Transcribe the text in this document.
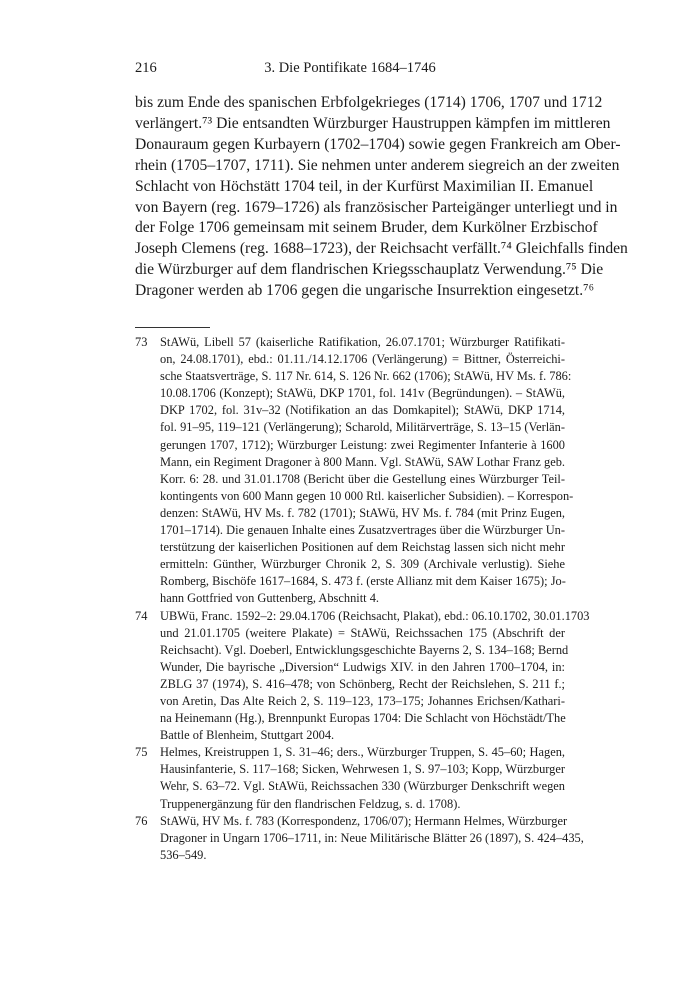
216	3. Die Pontifikate 1684–1746
bis zum Ende des spanischen Erbfolgekrieges (1714) 1706, 1707 und 1712
verlängert.⁷³ Die entsandten Würzburger Haustruppen kämpfen im mittleren
Donauraum gegen Kurbayern (1702–1704) sowie gegen Frankreich am Ober-
rhein (1705–1707, 1711). Sie nehmen unter anderem siegreich an der zweiten
Schlacht von Höchstätt 1704 teil, in der Kurfürst Maximilian II. Emanuel
von Bayern (reg. 1679–1726) als französischer Parteigänger unterliegt und in
der Folge 1706 gemeinsam mit seinem Bruder, dem Kurkölner Erzbischof
Joseph Clemens (reg. 1688–1723), der Reichsacht verfällt.⁷⁴ Gleichfalls finden
die Würzburger auf dem flandrischen Kriegsschauplatz Verwendung.⁷⁵ Die
Dragoner werden ab 1706 gegen die ungarische Insurrektion eingesetzt.⁷⁶
73 StAWü, Libell 57 (kaiserliche Ratifikation, 26.07.1701; Würzburger Ratifikati-
on, 24.08.1701), ebd.: 01.11./14.12.1706 (Verlängerung) = Bittner, Österreichi-
sche Staatsverträge, S. 117 Nr. 614, S. 126 Nr. 662 (1706); StAWü, HV Ms. f. 786:
10.08.1706 (Konzept); StAWü, DKP 1701, fol. 141v (Begründungen). – StAWü,
DKP 1702, fol. 31v–32 (Notifikation an das Domkapitel); StAWü, DKP 1714,
fol. 91–95, 119–121 (Verlängerung); Scharold, Militärverträge, S. 13–15 (Verlän-
gerungen 1707, 1712); Würzburger Leistung: zwei Regimenter Infanterie à 1600
Mann, ein Regiment Dragoner à 800 Mann. Vgl. StAWü, SAW Lothar Franz geb.
Korr. 6: 28. und 31.01.1708 (Bericht über die Gestellung eines Würzburger Teil-
kontingents von 600 Mann gegen 10 000 Rtl. kaiserlicher Subsidien). – Korrespon-
denzen: StAWü, HV Ms. f. 782 (1701); StAWü, HV Ms. f. 784 (mit Prinz Eugen,
1701–1714). Die genauen Inhalte eines Zusatzvertrages über die Würzburger Un-
terstützung der kaiserlichen Positionen auf dem Reichstag lassen sich nicht mehr
ermitteln: Günther, Würzburger Chronik 2, S. 309 (Archivale verlustig). Siehe
Romberg, Bischöfe 1617–1684, S. 473 f. (erste Allianz mit dem Kaiser 1675); Jo-
hann Gottfried von Guttenberg, Abschnitt 4.
74 UBWü, Franc. 1592–2: 29.04.1706 (Reichsacht, Plakat), ebd.: 06.10.1702, 30.01.1703
und 21.01.1705 (weitere Plakate) = StAWü, Reichssachen 175 (Abschrift der
Reichsacht). Vgl. Doeberl, Entwicklungsgeschichte Bayerns 2, S. 134–168; Bernd
Wunder, Die bayrische „Diversion“ Ludwigs XIV. in den Jahren 1700–1704, in:
ZBLG 37 (1974), S. 416–478; von Schönberg, Recht der Reichslehen, S. 211 f.;
von Aretin, Das Alte Reich 2, S. 119–123, 173–175; Johannes Erichsen/Kathari-
na Heinemann (Hg.), Brennpunkt Europas 1704: Die Schlacht von Höchstädt/The
Battle of Blenheim, Stuttgart 2004.
75 Helmes, Kreistruppen 1, S. 31–46; ders., Würzburger Truppen, S. 45–60; Hagen,
Hausinfanterie, S. 117–168; Sicken, Wehrwesen 1, S. 97–103; Kopp, Würzburger
Wehr, S. 63–72. Vgl. StAWü, Reichssachen 330 (Würzburger Denkschrift wegen
Truppenergänzung für den flandrischen Feldzug, s. d. 1708).
76 StAWü, HV Ms. f. 783 (Korrespondenz, 1706/07); Hermann Helmes, Würzburger
Dragoner in Ungarn 1706–1711, in: Neue Militärische Blätter 26 (1897), S. 424–435,
536–549.
